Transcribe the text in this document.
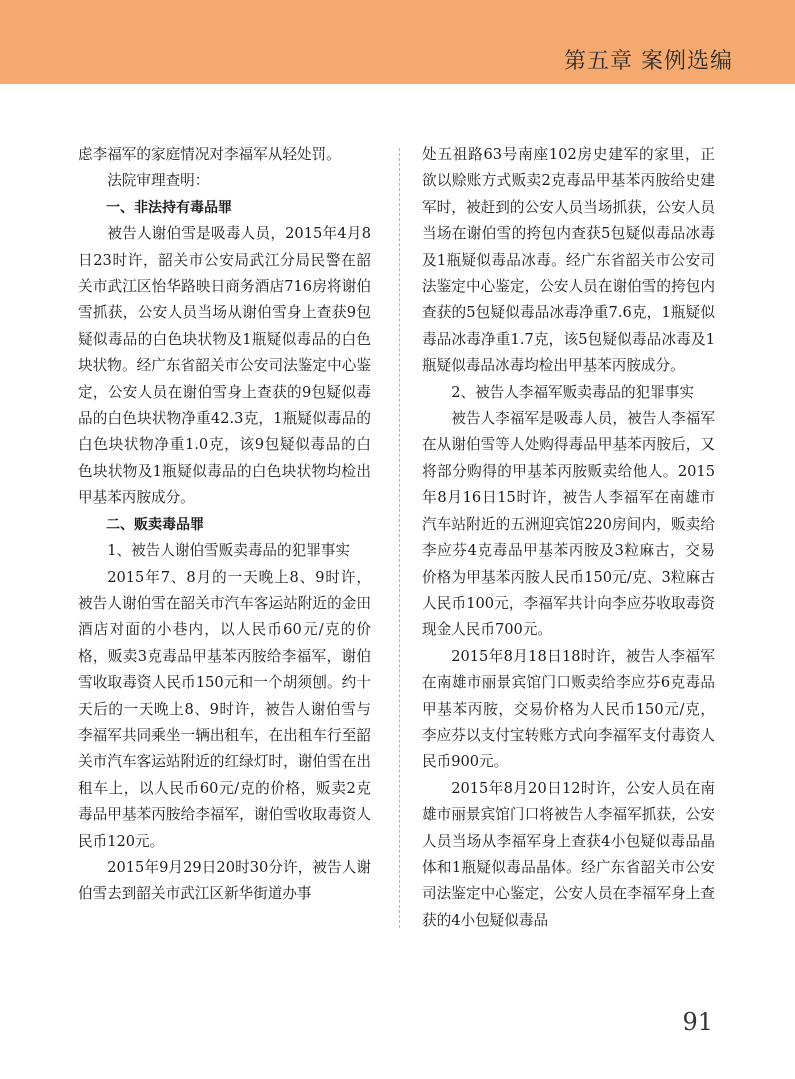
第五章 案例选编

虑李福军的家庭情况对李福军从轻处罚。

法院审理查明：

一、非法持有毒品罪

被告人谢伯雪是吸毒人员，2015年4月8日23时许，韶关市公安局武江分局民警在韶关市武江区怡华路映日商务酒店716房将谢伯雪抓获，公安人员当场从谢伯雪身上查获9包疑似毒品的白色块状物及1瓶疑似毒品的白色块状物。经广东省韶关市公安司法鉴定中心鉴定，公安人员在谢伯雪身上查获的9包疑似毒品的白色块状物净重42.3克，1瓶疑似毒品的白色块状物净重1.0克，该9包疑似毒品的白色块状物及1瓶疑似毒品的白色块状物均检出甲基苯丙胺成分。

二、贩卖毒品罪

1、被告人谢伯雪贩卖毒品的犯罪事实

2015年7、8月的一天晚上8、9时许，被告人谢伯雪在韶关市汽车客运站附近的金田酒店对面的小巷内，以人民币60元/克的价格，贩卖3克毒品甲基苯丙胺给李福军，谢伯雪收取毒资人民币150元和一个胡须刨。约十天后的一天晚上8、9时许，被告人谢伯雪与李福军共同乘坐一辆出租车，在出租车行至韶关市汽车客运站附近的红绿灯时，谢伯雪在出租车上，以人民币60元/克的价格，贩卖2克毒品甲基苯丙胺给李福军，谢伯雪收取毒资人民币120元。

2015年9月29日20时30分许，被告人谢伯雪去到韶关市武江区新华街道办事

处五祖路63号南座102房史建军的家里，正欲以赊账方式贩卖2克毒品甲基苯丙胺给史建军时，被赶到的公安人员当场抓获，公安人员当场在谢伯雪的挎包内查获5包疑似毒品冰毒及1瓶疑似毒品冰毒。经广东省韶关市公安司法鉴定中心鉴定，公安人员在谢伯雪的挎包内查获的5包疑似毒品冰毒净重7.6克，1瓶疑似毒品冰毒净重1.7克，该5包疑似毒品冰毒及1瓶疑似毒品冰毒均检出甲基苯丙胺成分。

2、被告人李福军贩卖毒品的犯罪事实

被告人李福军是吸毒人员，被告人李福军在从谢伯雪等人处购得毒品甲基苯丙胺后，又将部分购得的甲基苯丙胺贩卖给他人。2015年8月16日15时许，被告人李福军在南雄市汽车站附近的五洲迎宾馆220房间内，贩卖给李应芬4克毒品甲基苯丙胺及3粒麻古，交易价格为甲基苯丙胺人民币150元/克、3粒麻古人民币100元，李福军共计向李应芬收取毒资现金人民币700元。

2015年8月18日18时许，被告人李福军在南雄市丽景宾馆门口贩卖给李应芬6克毒品甲基苯丙胺，交易价格为人民币150元/克，李应芬以支付宝转账方式向李福军支付毒资人民币900元。

2015年8月20日12时许，公安人员在南雄市丽景宾馆门口将被告人李福军抓获，公安人员当场从李福军身上查获4小包疑似毒品晶体和1瓶疑似毒品晶体。经广东省韶关市公安司法鉴定中心鉴定，公安人员在李福军身上查获的4小包疑似毒品

91
